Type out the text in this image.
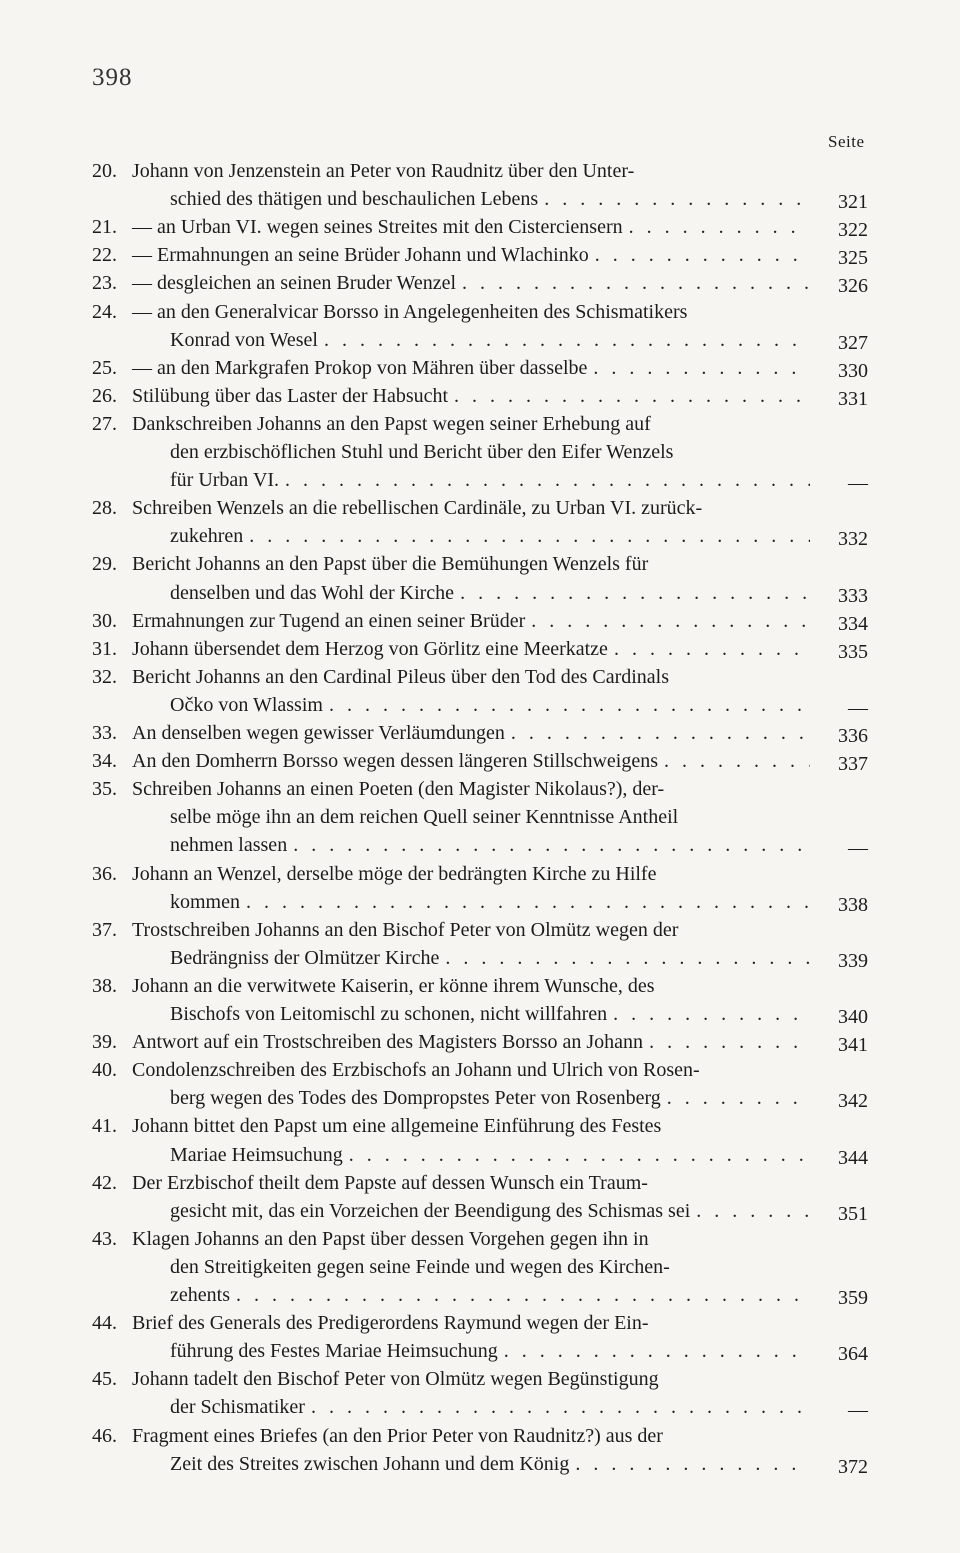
398
Seite
20. Johann von Jenzenstein an Peter von Raudnitz über den Unter-
321
schied des thätigen und beschaulichen Lebens
. . .
322
21. — an Urban VI. wegen seines Streites mit den Cisterciensern
. . .
325
22. — Ermahnungen an seine Brüder Johann und Wlachinko
. . .
326
23. — desgleichen an seinen Bruder Wenzel
. . .
24. — an den Generalvicar Borsso in Angelegenheiten des Schismatikers
327
Konrad von Wesel
. . .
330
25. — an den Markgrafen Prokop von Mähren über dasselbe
. . .
331
26. Stilübung über das Laster der Habsucht
. . .
27. Dankschreiben Johanns an den Papst wegen seiner Erhebung auf
den erzbischöflichen Stuhl und Bericht über den Eifer Wenzels
—
für Urban VI.
. . .
28. Schreiben Wenzels an die rebellischen Cardinäle, zu Urban VI. zurück-
332
zukehren
. . .
29. Bericht Johanns an den Papst über die Bemühungen Wenzels für
333
denselben und das Wohl der Kirche
. . .
334
30. Ermahnungen zur Tugend an einen seiner Brüder
. . .
335
31. Johann übersendet dem Herzog von Görlitz eine Meerkatze
. . .
32. Bericht Johanns an den Cardinal Pileus über den Tod des Cardinals
—
Očko von Wlassim
. . .
336
33. An denselben wegen gewisser Verläumdungen
. . .
337
34. An den Domherrn Borsso wegen dessen längeren Stillschweigens
. . .
35. Schreiben Johanns an einen Poeten (den Magister Nikolaus?), der-
selbe möge ihn an dem reichen Quell seiner Kenntnisse Antheil
—
nehmen lassen
. . .
36. Johann an Wenzel, derselbe möge der bedrängten Kirche zu Hilfe
338
kommen
. . .
37. Trostschreiben Johanns an den Bischof Peter von Olmütz wegen der
339
Bedrängniss der Olmützer Kirche
. . .
38. Johann an die verwitwete Kaiserin, er könne ihrem Wunsche, des
340
Bischofs von Leitomischl zu schonen, nicht willfahren
. . .
341
39. Antwort auf ein Trostschreiben des Magisters Borsso an Johann
. . .
40. Condolenzschreiben des Erzbischofs an Johann und Ulrich von Rosen-
342
berg wegen des Todes des Dompropstes Peter von Rosenberg
. . .
41. Johann bittet den Papst um eine allgemeine Einführung des Festes
344
Mariae Heimsuchung
. . .
42. Der Erzbischof theilt dem Papste auf dessen Wunsch ein Traum-
351
gesicht mit, das ein Vorzeichen der Beendigung des Schismas sei
. . .
43. Klagen Johanns an den Papst über dessen Vorgehen gegen ihn in
den Streitigkeiten gegen seine Feinde und wegen des Kirchen-
359
zehents
. . .
44. Brief des Generals des Predigerordens Raymund wegen der Ein-
364
führung des Festes Mariae Heimsuchung
. . .
45. Johann tadelt den Bischof Peter von Olmütz wegen Begünstigung
—
der Schismatiker
. . .
46. Fragment eines Briefes (an den Prior Peter von Raudnitz?) aus der
372
Zeit des Streites zwischen Johann und dem König
. . .
